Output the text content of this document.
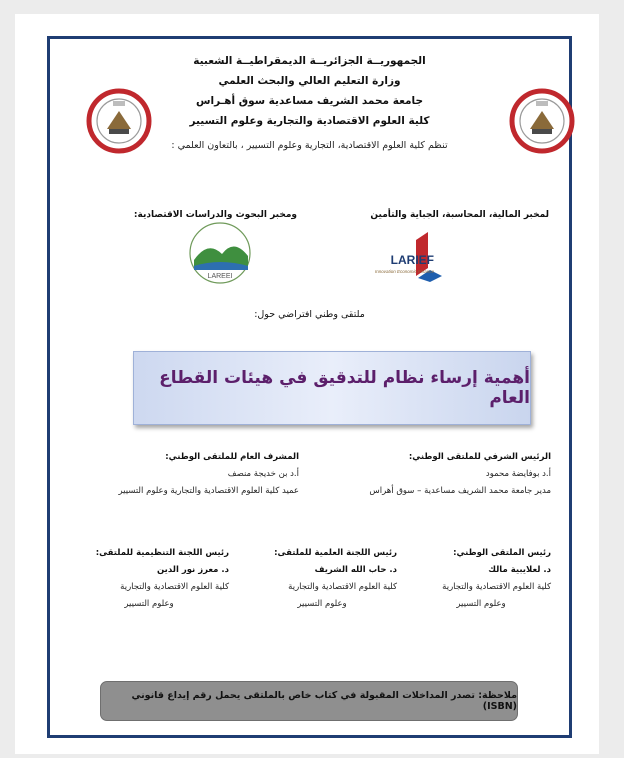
الجمهوريــة الجزائريــة الديمقراطيــة الشعبية
وزارة التعليم العالي والبحث العلمي
جامعة محمد الشريف مساعدية سوق أهـراس
كلية العلوم الاقتصادية والتجارية وعلوم التسيير
تنظم كلية العلوم الاقتصادية، التجارية وعلوم التسيير ، بالتعاون العلمي :
لمخبر المالية، المحاسبة، الجباية والتأمين
ومخبر البحوث والدراسات الاقتصادية:
LARIEF
Innovation Economic Finance
LAREEI
ملتقى وطني افتراضي حول:
أهمية إرساء نظام للتدقيق في هيئات القطاع العام
الرئيس الشرفي للملتقى الوطني:
أ.د بوفايضة محمود
مدير جامعة محمد الشريف مساعدية – سوق أهراس
المشرف العام للملتقى الوطني:
أ.د بن خديجة منصف
عميد كلية العلوم الاقتصادية والتجارية وعلوم التسيير
رئيس الملتقى الوطني:
د. لعلايبية مالك
كلية العلوم الاقتصادية والتجارية
وعلوم التسيير
رئيس اللجنة العلمية للملتقى:
د. حاب الله الشريف
كلية العلوم الاقتصادية والتجارية
وعلوم التسيير
رئيس اللجنة التنظيمية للملتقى:
د. معرز نور الدين
كلية العلوم الاقتصادية والتجارية
وعلوم التسيير
ملاحظة: تصدر المداخلات المقبولة في كتاب خاص بالملتقى يحمل رقم إيداع قانوني (ISBN)
